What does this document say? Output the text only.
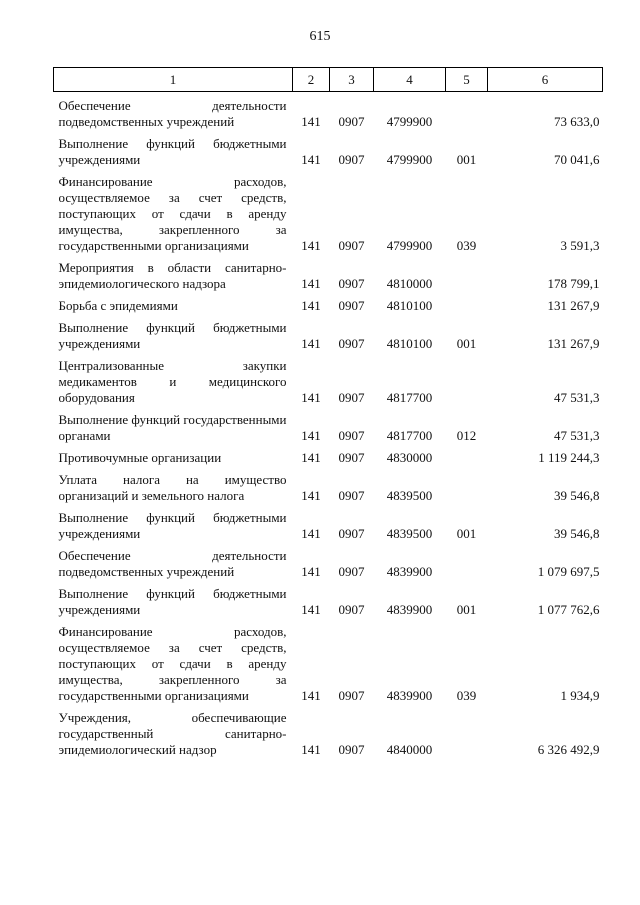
615
1	2	3	4	5	6

Обеспечение деятельности подведомственных учреждений	141	0907	4799900		73 633,0

Выполнение функций бюджетными учреждениями	141	0907	4799900	001	70 041,6

Финансирование расходов, осуществляемое за счет средств, поступающих от сдачи в аренду имущества, закрепленного за государственными организациями	141	0907	4799900	039	3 591,3

Мероприятия в области санитарно-эпидемиологического надзора	141	0907	4810000		178 799,1

Борьба с эпидемиями	141	0907	4810100		131 267,9

Выполнение функций бюджетными учреждениями	141	0907	4810100	001	131 267,9

Централизованные закупки медикаментов и медицинского оборудования	141	0907	4817700		47 531,3

Выполнение функций государственными органами	141	0907	4817700	012	47 531,3

Противочумные организации	141	0907	4830000		1 119 244,3

Уплата налога на имущество организаций и земельного налога	141	0907	4839500		39 546,8

Выполнение функций бюджетными учреждениями	141	0907	4839500	001	39 546,8

Обеспечение деятельности подведомственных учреждений	141	0907	4839900		1 079 697,5

Выполнение функций бюджетными учреждениями	141	0907	4839900	001	1 077 762,6

Финансирование расходов, осуществляемое за счет средств, поступающих от сдачи в аренду имущества, закрепленного за государственными организациями	141	0907	4839900	039	1 934,9

Учреждения, обеспечивающие государственный санитарно-эпидемиологический надзор	141	0907	4840000		6 326 492,9
